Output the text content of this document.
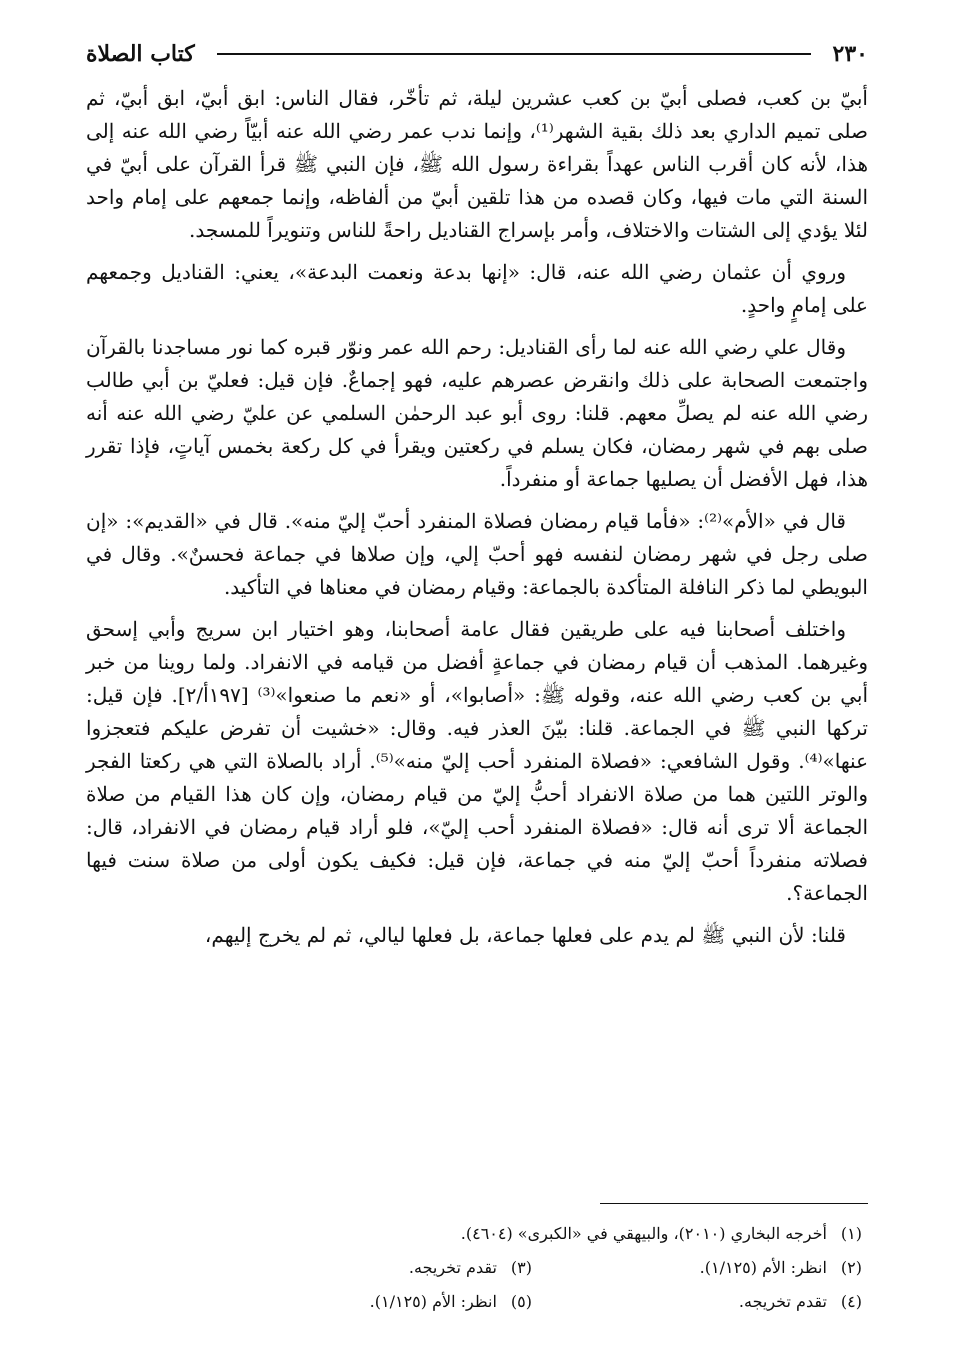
٢٣٠
كتاب الصلاة

أبيّ بن كعب، فصلى أبيّ بن كعب عشرين ليلة، ثم تأخّر، فقال الناس: ابق أبيّ، ابق أبيّ، ثم صلى تميم الداري بعد ذلك بقية الشهر⁽¹⁾، وإنما ندب عمر رضي الله عنه أبيّاً رضي الله عنه إلى هذا، لأنه كان أقرب الناس عهداً بقراءة رسول الله ﷺ، فإن النبي ﷺ قرأ القرآن على أبيّ في السنة التي مات فيها، وكان قصده من هذا تلقين أبيّ من ألفاظه، وإنما جمعهم على إمام واحد لئلا يؤدي إلى الشتات والاختلاف، وأمر بإسراج القناديل راحةً للناس وتنويراً للمسجد.

وروي أن عثمان رضي الله عنه، قال: «إنها بدعة ونعمت البدعة»، يعني: القناديل وجمعهم على إمامٍ واحدٍ.

وقال علي رضي الله عنه لما رأى القناديل: رحم الله عمر ونوّر قبره كما نور مساجدنا بالقرآن واجتمعت الصحابة على ذلك وانقرض عصرهم عليه، فهو إجماعٌ. فإن قيل: فعليّ بن أبي طالب رضي الله عنه لم يصلِّ معهم. قلنا: روى أبو عبد الرحمٰن السلمي عن عليّ رضي الله عنه أنه صلى بهم في شهر رمضان، فكان يسلم في ركعتين ويقرأ في كل ركعة بخمس آياتٍ، فإذا تقرر هذا، فهل الأفضل أن يصليها جماعة أو منفرداً.

قال في «الأم»⁽²⁾: «فأما قيام رمضان فصلاة المنفرد أحبّ إليّ منه». قال في «القديم»: «إن صلى رجل في شهر رمضان لنفسه فهو أحبّ إلي، وإن صلاها في جماعة فحسنٌ». وقال في البويطي لما ذكر النافلة المتأكدة بالجماعة: وقيام رمضان في معناها في التأكيد.

واختلف أصحابنا فيه على طريقين فقال عامة أصحابنا، وهو اختيار ابن سريج وأبي إسحق وغيرهما. المذهب أن قيام رمضان في جماعةٍ أفضل من قيامه في الانفراد. ولما روينا من خبر أبي بن كعب رضي الله عنه، وقوله ﷺ: «أصابوا»، أو «نعم ما صنعوا»⁽³⁾ [١٩٧أ/٢]. فإن قيل: تركها النبي ﷺ في الجماعة. قلنا: بيّنَ العذر فيه. وقال: «خشيت أن تفرض عليكم فتعجزوا عنها»⁽⁴⁾. وقول الشافعي: «فصلاة المنفرد أحب إليّ منه»⁽⁵⁾. أراد بالصلاة التي هي ركعتا الفجر والوتر اللتين هما من صلاة الانفراد أحبُّ إليّ من قيام رمضان، وإن كان هذا القيام من صلاة الجماعة ألا ترى أنه قال: «فصلاة المنفرد أحب إليّ»، فلو أراد قيام رمضان في الانفراد، قال: فصلاته منفرداً أحبّ إليّ منه في جماعة، فإن قيل: فكيف يكون أولى من صلاة سنت فيها الجماعة؟.

قلنا: لأن النبي ﷺ لم يدم على فعلها جماعة، بل فعلها ليالي، ثم لم يخرج إليهم،

(١)
أخرجه البخاري (٢٠١٠)، والبيهقي في «الكبرى» (٤٦٠٤).
(٢)
انظر: الأم (١/١٢٥).
(٣)
تقدم تخريجه.
(٤)
تقدم تخريجه.
(٥)
انظر: الأم (١/١٢٥).
